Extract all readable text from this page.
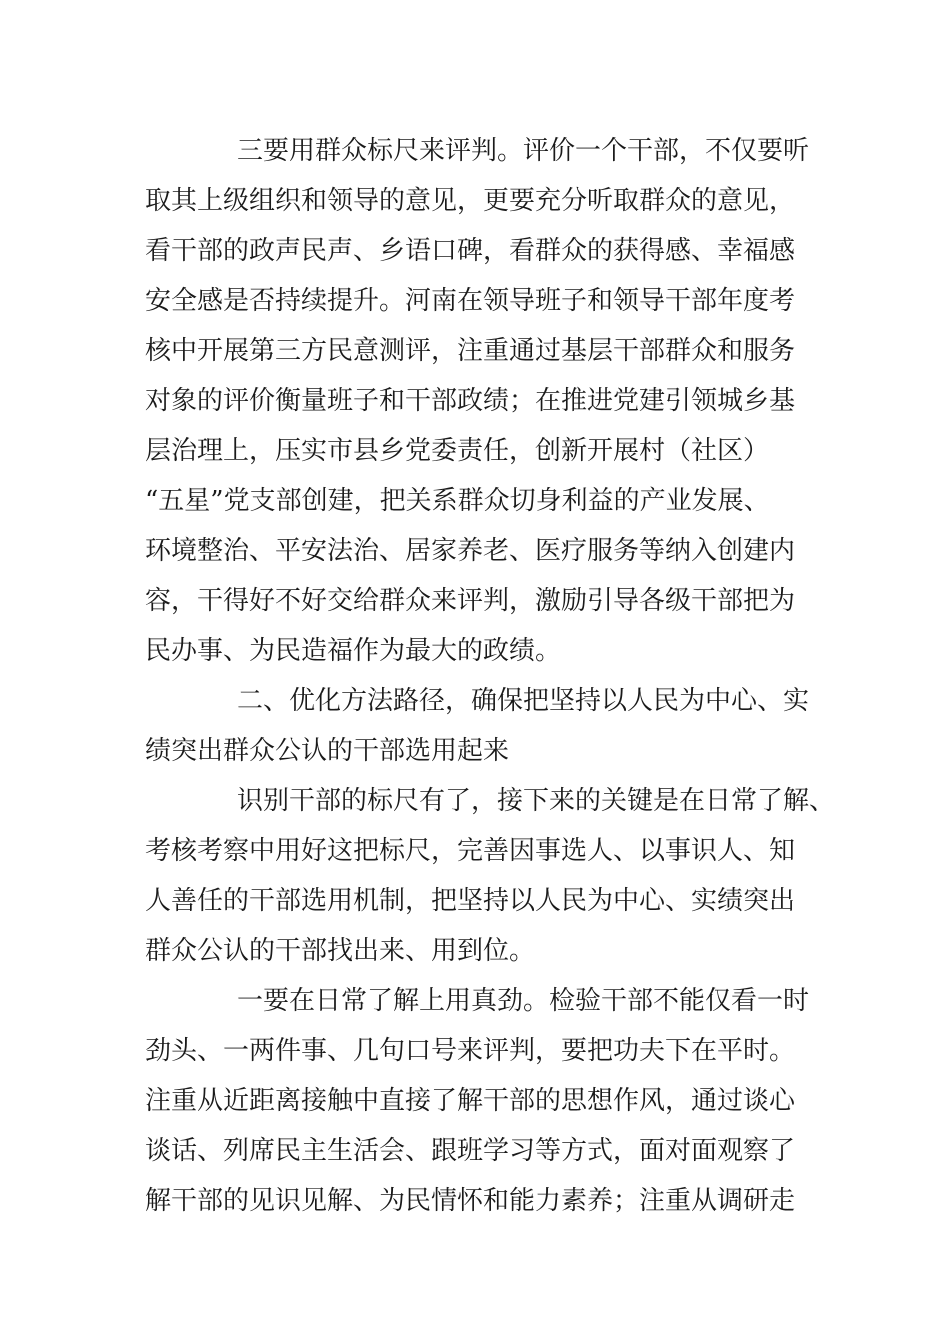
三要用群众标尺来评判。评价一个干部，不仅要听
取其上级组织和领导的意见，更要充分听取群众的意见，
看干部的政声民声、乡语口碑，看群众的获得感、幸福感
安全感是否持续提升。河南在领导班子和领导干部年度考
核中开展第三方民意测评，注重通过基层干部群众和服务
对象的评价衡量班子和干部政绩；在推进党建引领城乡基
层治理上，压实市县乡党委责任，创新开展村（社区）
“五星”党支部创建，把关系群众切身利益的产业发展、
环境整治、平安法治、居家养老、医疗服务等纳入创建内
容，干得好不好交给群众来评判，激励引导各级干部把为
民办事、为民造福作为最大的政绩。
二、优化方法路径，确保把坚持以人民为中心、实
绩突出群众公认的干部选用起来
识别干部的标尺有了，接下来的关键是在日常了解、
考核考察中用好这把标尺，完善因事选人、以事识人、知
人善任的干部选用机制，把坚持以人民为中心、实绩突出
群众公认的干部找出来、用到位。
一要在日常了解上用真劲。检验干部不能仅看一时
劲头、一两件事、几句口号来评判，要把功夫下在平时。
注重从近距离接触中直接了解干部的思想作风，通过谈心
谈话、列席民主生活会、跟班学习等方式，面对面观察了
解干部的见识见解、为民情怀和能力素养；注重从调研走
